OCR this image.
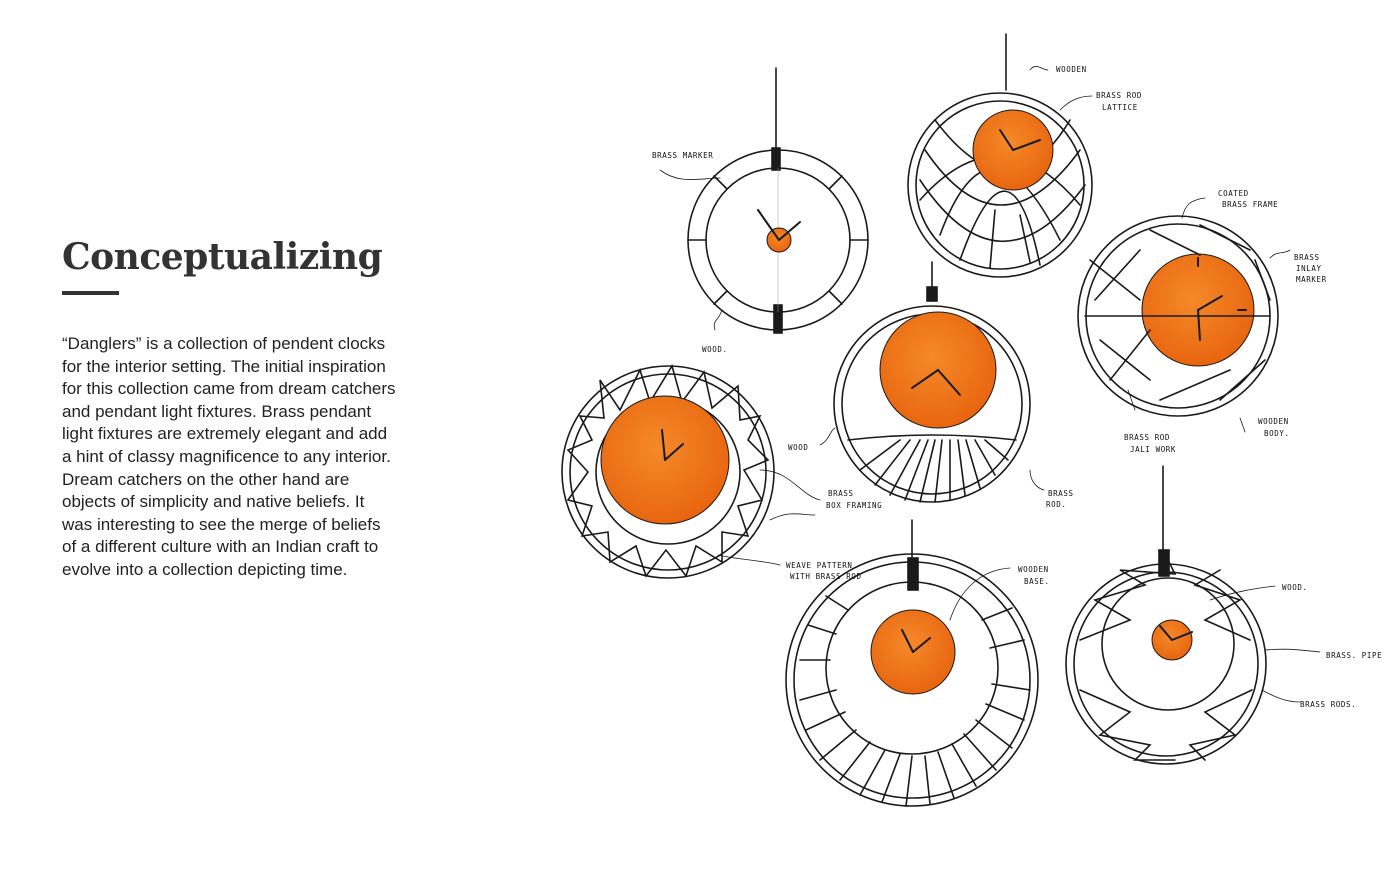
Conceptualizing
“Danglers” is a collection of pendent clocks for the interior setting. The initial inspiration for this collection came from dream catchers and pendant light fixtures. Brass pendant light fixtures are extremely elegant and add a hint of classy magnificence to any interior. Dream catchers on the other hand are objects of simplicity and native beliefs. It was interesting to see the merge of beliefs of a different culture with an Indian craft to evolve into a collection depicting time.
BRASS MARKER
WOOD.
WOODEN
BRASS ROD
LATTICE
COATED
BRASS FRAME
BRASS
INLAY
MARKER
BRASS ROD
JALI WORK
WOODEN
BODY.
WOOD
BRASS
ROD.
BRASS
BOX FRAMING
WEAVE PATTERN
WITH BRASS ROD
WOODEN
BASE.
WOOD.
BRASS. PIPE
BRASS RODS.
